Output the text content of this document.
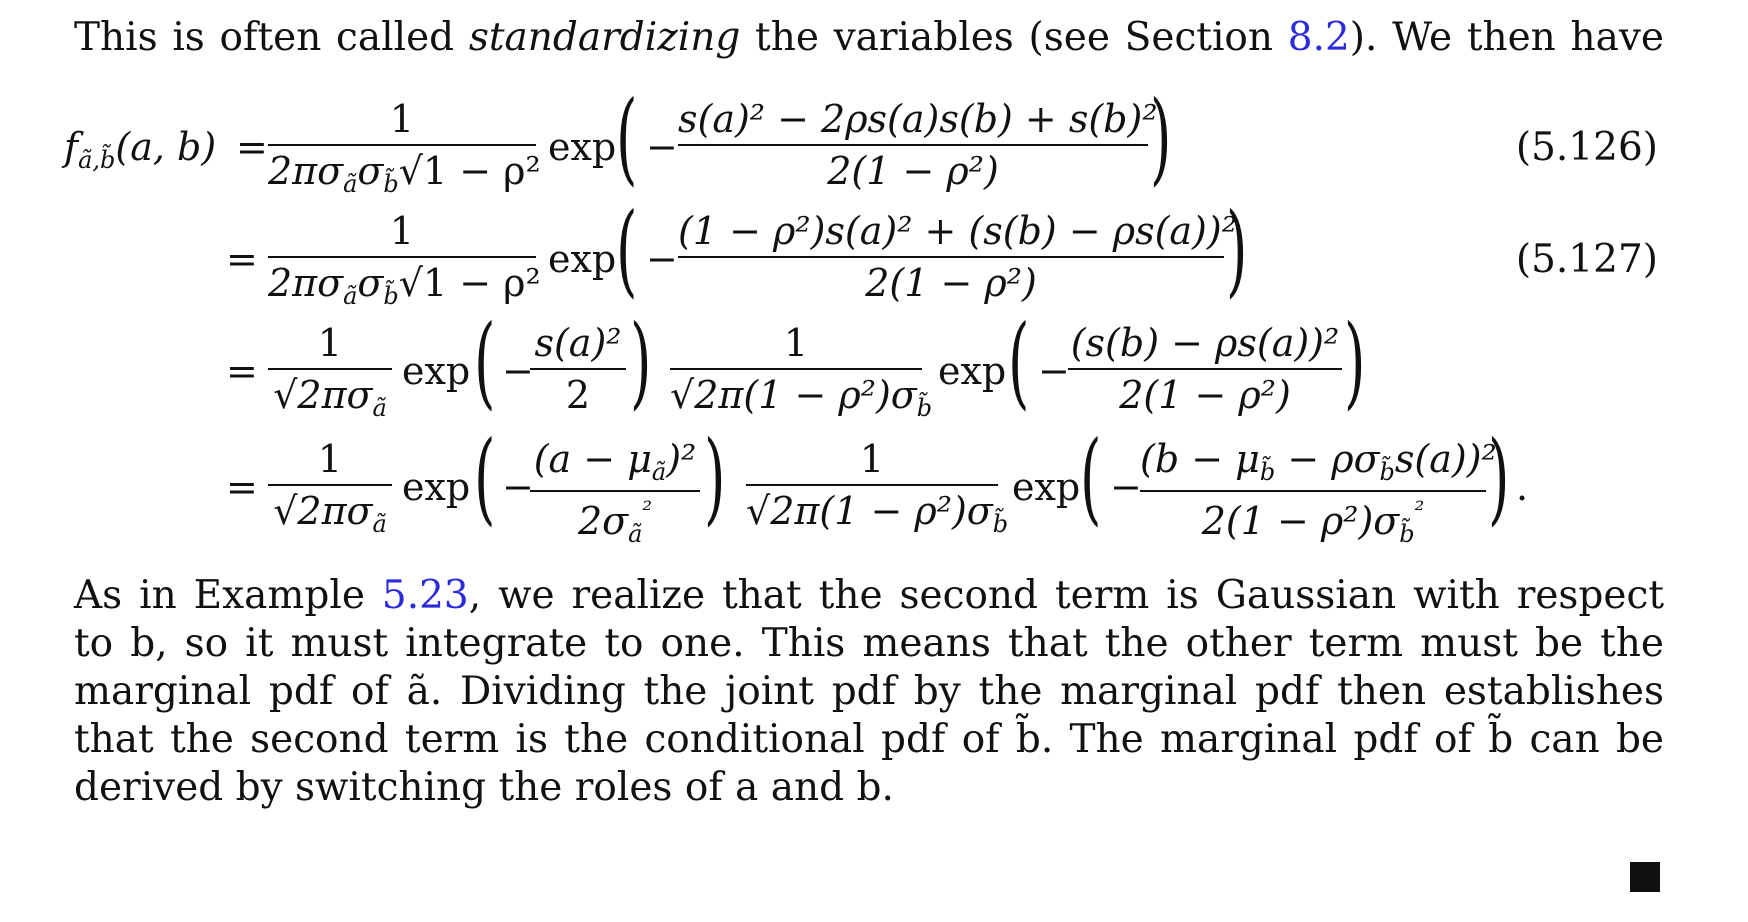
This is often called standardizing the variables (see Section 8.2). We then have
$f_{ã,b̃}(a$, b) =
1
$2\pi\sigma_ã\sigma_{b̃}√1 - \rho^2$
exp ( −
s(a)² − 2ρs(a)s(b) + s(b)²
2(1 − ρ²)	)	(5.126)
=
1
$2\pi\sigma_ã\sigma_{b̃}√1 - \rho^2$
exp ( −
(1 − ρ²)s(a)² + (s(b) − ρs(a))²
2(1 − ρ²)	)	(5.127)
=
1
$√2\pi\sigma_ã$
exp ( −
s(a)²
2 )	1
$√2\pi(1 - \rho^2)\sigma_{b̃}$
exp ( −
(s(b) − ρs(a))²
2(1 − ρ²) )
=
1
$√2\pi\sigma_ã$
exp ( −
$(a - \mu_ã)^2$
$2\sigma_ã^{^2}$ )	1
$√2\pi(1 - \rho^2)\sigma_{b̃}$
exp ( −
$(b - \mu_{b̃} - \rho\sigma_{b̃}s(a))^2$
$2(1 - \rho^2)\sigma_{b̃}^{^2}$ ) .
As in Example 5.23, we realize that the second term is Gaussian with respect
to b, so it must integrate to one. This means that the other term must be the
marginal pdf of ã. Dividing the joint pdf by the marginal pdf then establishes
that the second term is the conditional pdf of b̃. The marginal pdf of b̃ can be
derived by switching the roles of a and b.
